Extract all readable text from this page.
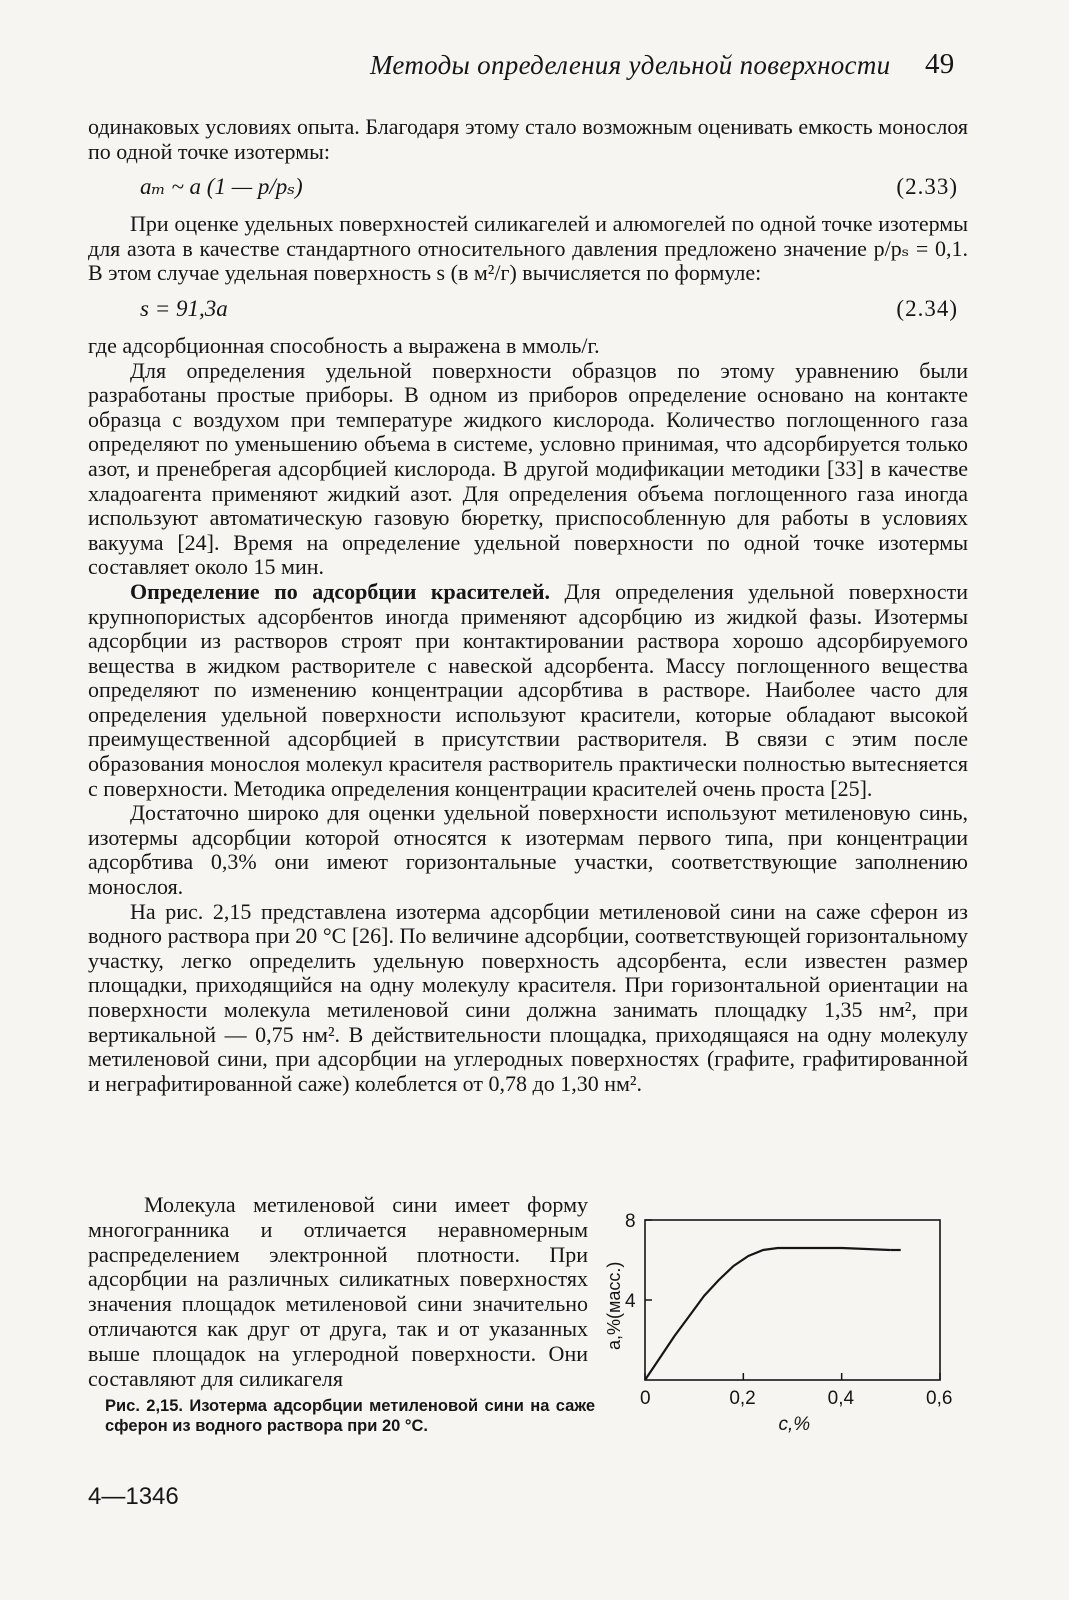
Методы определения удельной поверхности 49

одинаковых условиях опыта. Благодаря этому стало возможным оценивать емкость монослоя по одной точке изотермы:

aₘ ~ a (1 — p/pₛ)	(2.33)

При оценке удельных поверхностей силикагелей и алюмогелей по одной точке изотермы для азота в качестве стандартного относительного давления предложено значение p/pₛ = 0,1. В этом случае удельная поверхность s (в м²/г) вычисляется по формуле:

s = 91,3a	(2.34)

где адсорбционная способность a выражена в ммоль/г.

Для определения удельной поверхности образцов по этому уравнению были разработаны простые приборы. В одном из приборов определение основано на контакте образца с воздухом при температуре жидкого кислорода. Количество поглощенного газа определяют по уменьшению объема в системе, условно принимая, что адсорбируется только азот, и пренебрегая адсорбцией кислорода. В другой модификации методики [33] в качестве хладоагента применяют жидкий азот. Для определения объема поглощенного газа иногда используют автоматическую газовую бюретку, приспособленную для работы в условиях вакуума [24]. Время на определение удельной поверхности по одной точке изотермы составляет около 15 мин.

Определение по адсорбции красителей. Для определения удельной поверхности крупнопористых адсорбентов иногда применяют адсорбцию из жидкой фазы. Изотермы адсорбции из растворов строят при контактировании раствора хорошо адсорбируемого вещества в жидком растворителе с навеской адсорбента. Массу поглощенного вещества определяют по изменению концентрации адсорбтива в растворе. Наиболее часто для определения удельной поверхности используют красители, которые обладают высокой преимущественной адсорбцией в присутствии растворителя. В связи с этим после образования монослоя молекул красителя растворитель практически полностью вытесняется с поверхности. Методика определения концентрации красителей очень проста [25].

Достаточно широко для оценки удельной поверхности используют метиленовую синь, изотермы адсорбции которой относятся к изотермам первого типа, при концентрации адсорбтива 0,3% они имеют горизонтальные участки, соответствующие заполнению монослоя.

На рис. 2,15 представлена изотерма адсорбции метиленовой сини на саже сферон из водного раствора при 20 °С [26]. По величине адсорбции, соответствующей горизонтальному участку, легко определить удельную поверхность адсорбента, если известен размер площадки, приходящийся на одну молекулу красителя. При горизонтальной ориентации на поверхности молекула метиленовой сини должна занимать площадку 1,35 нм², при вертикальной — 0,75 нм². В действительности площадка, приходящаяся на одну молекулу метиленовой сини, при адсорбции на углеродных поверхностях (графите, графитированной и неграфитированной саже) колеблется от 0,78 до 1,30 нм².

Молекула метиленовой сини имеет форму многогранника и отличается неравномерным распределением электронной плотности. При адсорбции на различных силикатных поверхностях значения площадок метиленовой сини значительно отличаются как друг от друга, так и от указанных выше площадок на углеродной поверхности. Они составляют для силикагеля

4
8
0	0,2	0,4	0,6
c,%
a,%(масс.)
Рис. 2,15. Изотерма адсорбции метиленовой сини на саже сферон из водного раствора при 20 °С.
4—1346
